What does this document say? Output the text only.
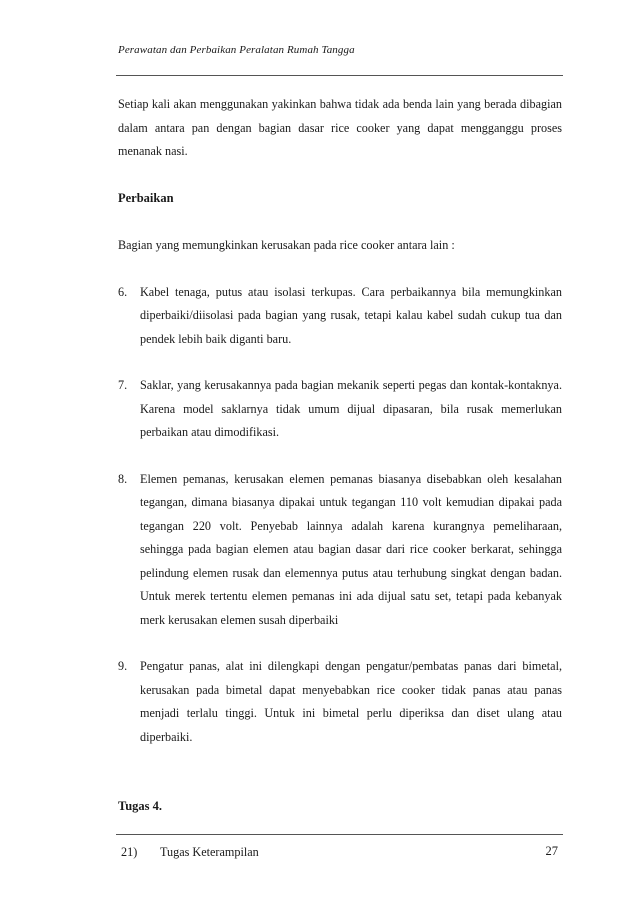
Perawatan dan Perbaikan Peralatan Rumah Tangga

Setiap kali akan menggunakan yakinkan bahwa tidak ada benda lain yang berada dibagian dalam antara pan dengan bagian dasar rice cooker yang dapat mengganggu proses menanak nasi.

Perbaikan

Bagian yang memungkinkan kerusakan pada rice cooker antara lain :

6.	Kabel tenaga, putus atau isolasi terkupas. Cara perbaikannya bila memungkinkan diperbaiki/diisolasi pada bagian yang rusak, tetapi kalau kabel sudah cukup tua dan pendek lebih baik diganti baru.
7.	Saklar, yang kerusakannya pada bagian mekanik seperti pegas dan kontak-kontaknya. Karena model saklarnya tidak umum dijual dipasaran, bila rusak memerlukan perbaikan atau dimodifikasi.
8.	Elemen pemanas, kerusakan elemen pemanas biasanya disebabkan oleh kesalahan tegangan, dimana biasanya dipakai untuk tegangan 110 volt kemudian dipakai pada tegangan 220 volt. Penyebab lainnya adalah karena kurangnya pemeliharaan, sehingga pada bagian elemen atau bagian dasar dari rice cooker berkarat, sehingga pelindung elemen rusak dan elemennya putus atau terhubung singkat dengan badan. Untuk merek tertentu elemen pemanas ini ada dijual satu set, tetapi pada kebanyak merk kerusakan elemen susah diperbaiki
9.	Pengatur panas, alat ini dilengkapi dengan pengatur/pembatas panas dari bimetal, kerusakan pada bimetal dapat menyebabkan rice cooker tidak panas atau panas menjadi terlalu tinggi. Untuk ini bimetal perlu diperiksa dan diset ulang atau diperbaiki.

Tugas 4.

21)	Tugas Keterampilan	27
